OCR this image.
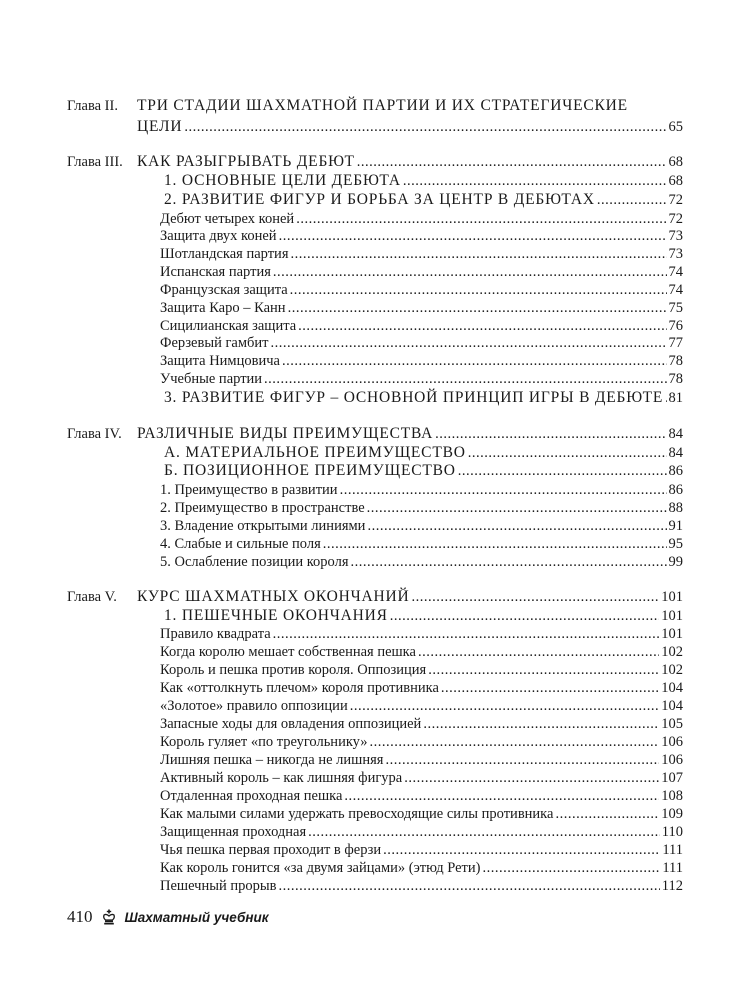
Глава II. ТРИ СТАДИИ ШАХМАТНОЙ ПАРТИИ И ИХ СТРАТЕГИЧЕСКИЕ
ЦЕЛИ .....	65
Глава III. КАК РАЗЫГРЫВАТЬ ДЕБЮТ .....	68
1. ОСНОВНЫЕ ЦЕЛИ ДЕБЮТА .....	68
2. РАЗВИТИЕ ФИГУР И БОРЬБА ЗА ЦЕНТР В ДЕБЮТАХ .....	72
Дебют четырех коней .....	72
Защита двух коней .....	73
Шотландская партия .....	73
Испанская партия .....	74
Французская защита .....	74
Защита Каро – Канн .....	75
Сицилианская защита .....	76
Ферзевый гамбит .....	77
Защита Нимцовича .....	78
Учебные партии .....	78
3. РАЗВИТИЕ ФИГУР – ОСНОВНОЙ ПРИНЦИП ИГРЫ В ДЕБЮТЕ ..... 81
Глава IV. РАЗЛИЧНЫЕ ВИДЫ ПРЕИМУЩЕСТВА .....	84
А. МАТЕРИАЛЬНОЕ ПРЕИМУЩЕСТВО .....	84
Б. ПОЗИЦИОННОЕ ПРЕИМУЩЕСТВО .....	86
1. Преимущество в развитии .....	86
2. Преимущество в пространстве .....	88
3. Владение открытыми линиями .....	91
4. Слабые и сильные поля .....	95
5. Ослабление позиции короля .....	99
Глава V. КУРС ШАХМАТНЫХ ОКОНЧАНИЙ .....	101
1. ПЕШЕЧНЫЕ ОКОНЧАНИЯ .....	101
Правило квадрата .....	101
Когда королю мешает собственная пешка .....	102
Король и пешка против короля. Оппозиция .....	102
Как «оттолкнуть плечом» короля противника .....	104
«Золотое» правило оппозиции .....	104
Запасные ходы для овладения оппозицией .....	105
Король гуляет «по треугольнику» .....	106
Лишняя пешка – никогда не лишняя .....	106
Активный король – как лишняя фигура .....	107
Отдаленная проходная пешка .....	108
Как малыми силами удержать превосходящие силы противника .....	109
Защищенная проходная .....	110
Чья пешка первая проходит в ферзи .....	111
Как король гонится «за двумя зайцами» (этюд Рети) .....	111
Пешечный прорыв .....	112
410 Шахматный учебник
